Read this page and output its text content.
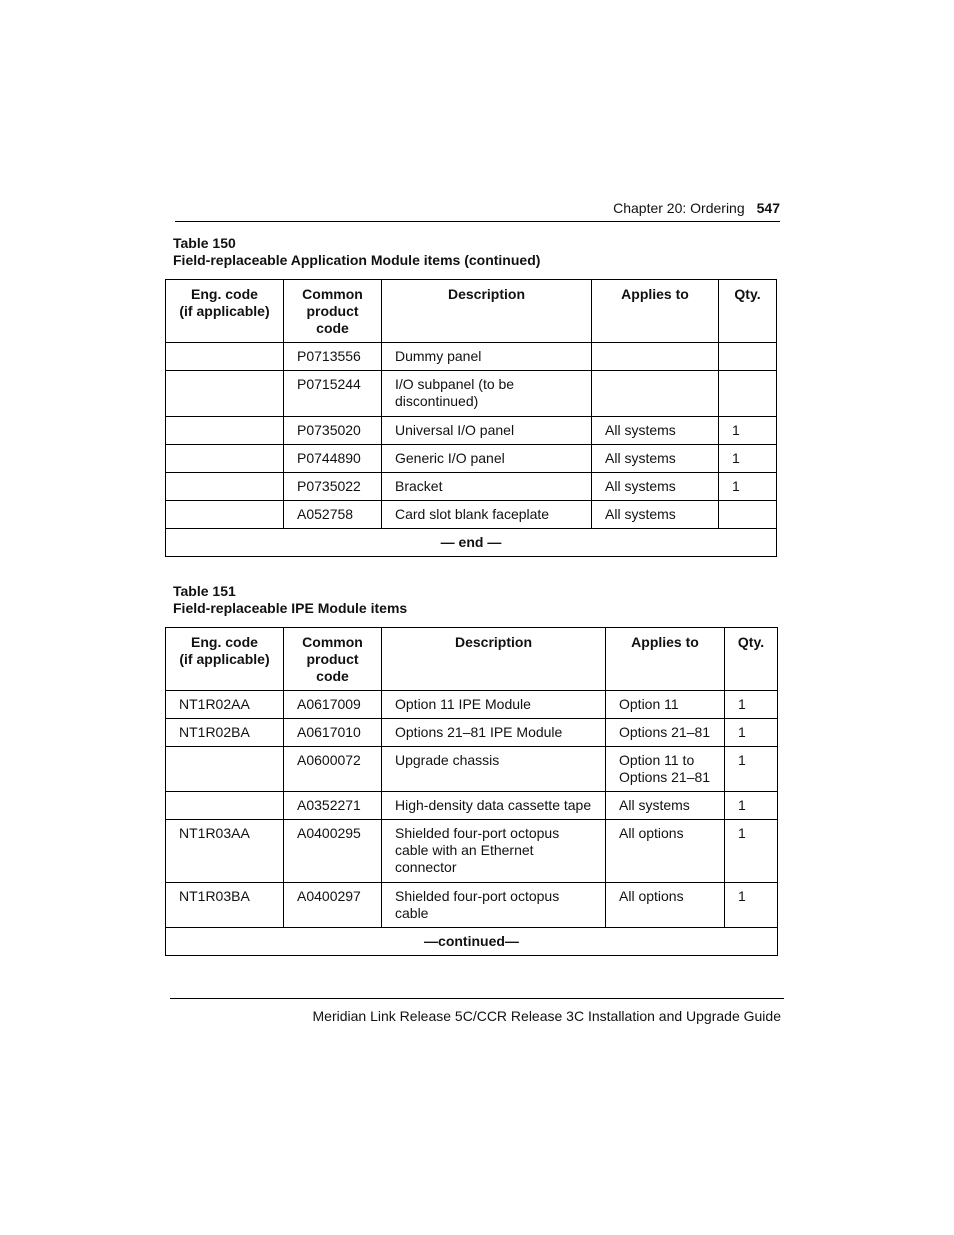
Chapter 20: Ordering 547
Table 150
Field-replaceable Application Module items (continued)
Eng. code
(if applicable)	Common
product
code	Description	Applies to	Qty.
	P0713556	Dummy panel		
	P0715244	I/O subpanel (to be
discontinued)		
	P0735020	Universal I/O panel	All systems	1
	P0744890	Generic I/O panel	All systems	1
	P0735022	Bracket	All systems	1
	A052758	Card slot blank faceplate	All systems	
— end —				
Table 151
Field-replaceable IPE Module items
Eng. code
(if applicable)	Common
product
code	Description	Applies to	Qty.
NT1R02AA	A0617009	Option 11 IPE Module	Option 11	1
NT1R02BA	A0617010	Options 21–81 IPE Module	Options 21–81	1
	A0600072	Upgrade chassis	Option 11 to
Options 21–81	1
	A0352271	High-density data cassette tape	All systems	1
NT1R03AA	A0400295	Shielded four-port octopus
cable with an Ethernet
connector	All options	1
NT1R03BA	A0400297	Shielded four-port octopus
cable	All options	1
—continued—				
Meridian Link Release 5C/CCR Release 3C Installation and Upgrade Guide
